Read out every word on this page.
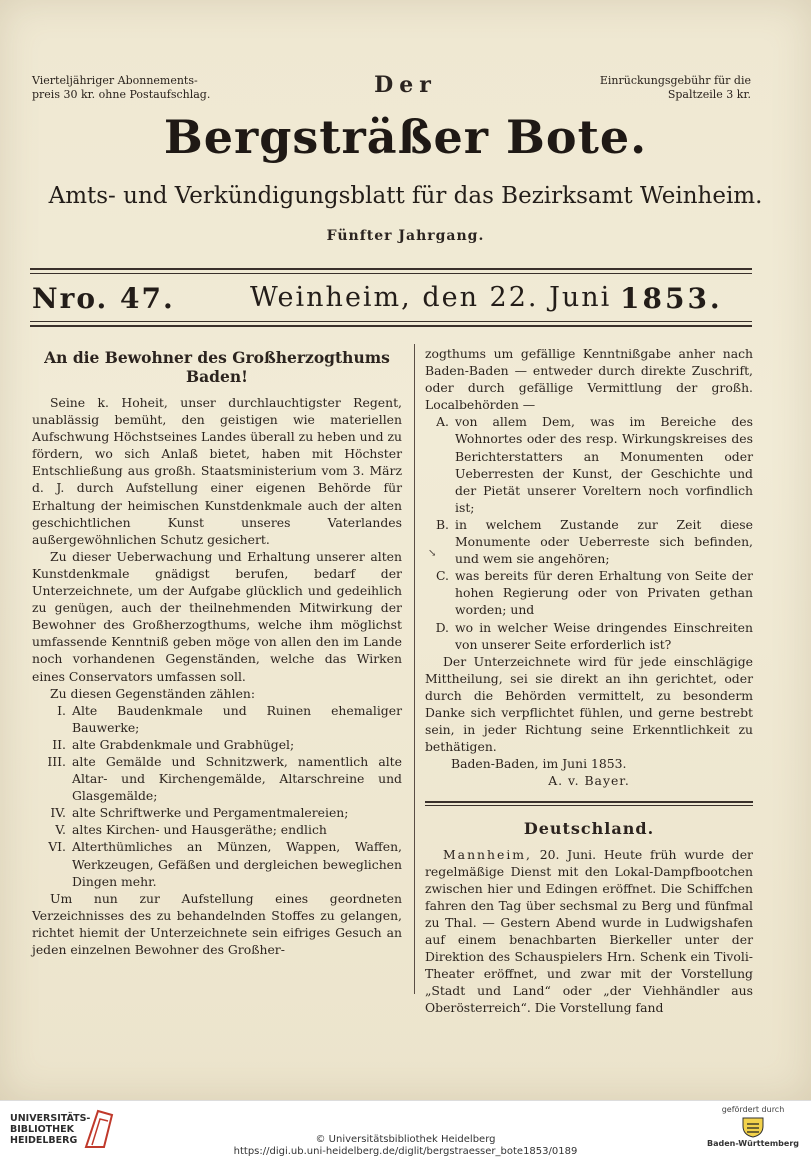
Vierteljähriger Abonnements-
preis 30 kr. ohne Postaufschlag.	Der	Einrückungsgebühr für die
Spaltzeile 3 kr.
Bergsträßer Bote.
Amts- und Verkündigungsblatt für das Bezirksamt Weinheim.
Fünfter Jahrgang.
Nro. 47.	Weinheim, den 22. Juni 1853.
An die Bewohner des Großherzogthums Baden!

Seine k. Hoheit, unser durchlauchtigster Regent, unablässig bemüht, den geistigen wie materiellen Aufschwung Höchstseines Landes überall zu heben und zu fördern, wo sich Anlaß bietet, haben mit Höchster Entschließung aus großh. Staatsministerium vom 3. März d. J. durch Aufstellung einer eigenen Behörde für Erhaltung der heimischen Kunstdenkmale auch der alten geschichtlichen Kunst unseres Vaterlandes außergewöhnlichen Schutz gesichert.

Zu dieser Ueberwachung und Erhaltung unserer alten Kunstdenkmale gnädigst berufen, bedarf der Unterzeichnete, um der Aufgabe glücklich und gedeihlich zu genügen, auch der theilnehmenden Mitwirkung der Bewohner des Großherzogthums, welche ihm möglichst umfassende Kenntniß geben möge von allen den im Lande noch vorhandenen Gegenständen, welche das Wirken eines Conservators umfassen soll.

Zu diesen Gegenständen zählen:

I. Alte Baudenkmale und Ruinen ehemaliger Bauwerke;
II. alte Grabdenkmale und Grabhügel;
III. alte Gemälde und Schnitzwerk, namentlich alte Altar- und Kirchengemälde, Altarschreine und Glasgemälde;
IV. alte Schriftwerke und Pergamentmalereien;
V. altes Kirchen- und Hausgeräthe; endlich
VI. Alterthümliches an Münzen, Wappen, Waffen, Werkzeugen, Gefäßen und dergleichen beweglichen Dingen mehr.

Um nun zur Aufstellung eines geordneten Verzeichnisses des zu behandelnden Stoffes zu gelangen, richtet hiemit der Unterzeichnete sein eifriges Gesuch an jeden einzelnen Bewohner des Großher-

↘

zogthums um gefällige Kenntnißgabe anher nach Baden-Baden — entweder durch direkte Zuschrift, oder durch gefällige Vermittlung der großh. Localbehörden —

A. von allem Dem, was im Bereiche des Wohnortes oder des resp. Wirkungskreises des Berichterstatters an Monumenten oder Ueberresten der Kunst, der Geschichte und der Pietät unserer Voreltern noch vorfindlich ist;
B. in welchem Zustande zur Zeit diese Monumente oder Ueberreste sich befinden, und wem sie angehören;
C. was bereits für deren Erhaltung von Seite der hohen Regierung oder von Privaten gethan worden; und
D. wo in welcher Weise dringendes Einschreiten von unserer Seite erforderlich ist?

Der Unterzeichnete wird für jede einschlägige Mittheilung, sei sie direkt an ihn gerichtet, oder durch die Behörden vermittelt, zu besonderm Danke sich verpflichtet fühlen, und gerne bestrebt sein, in jeder Richtung seine Erkenntlichkeit zu bethätigen.

Baden-Baden, im Juni 1853.

A. v. Bayer.

Deutschland.

Mannheim, 20. Juni. Heute früh wurde der regelmäßige Dienst mit den Lokal-Dampfbootchen zwischen hier und Edingen eröffnet. Die Schiffchen fahren den Tag über sechsmal zu Berg und fünfmal zu Thal. — Gestern Abend wurde in Ludwigshafen auf einem benachbarten Bierkeller unter der Direktion des Schauspielers Hrn. Schenk ein Tivoli-Theater eröffnet, und zwar mit der Vorstellung „Stadt und Land“ oder „der Viehhändler aus Oberösterreich“. Die Vorstellung fand

UNIVERSITÄTS-
BIBLIOTHEK
HEIDELBERG	© Universitätsbibliothek Heidelberg
https://digi.ub.uni-heidelberg.de/diglit/bergstraesser_bote1853/0189
gefördert durch
Baden-Württemberg
